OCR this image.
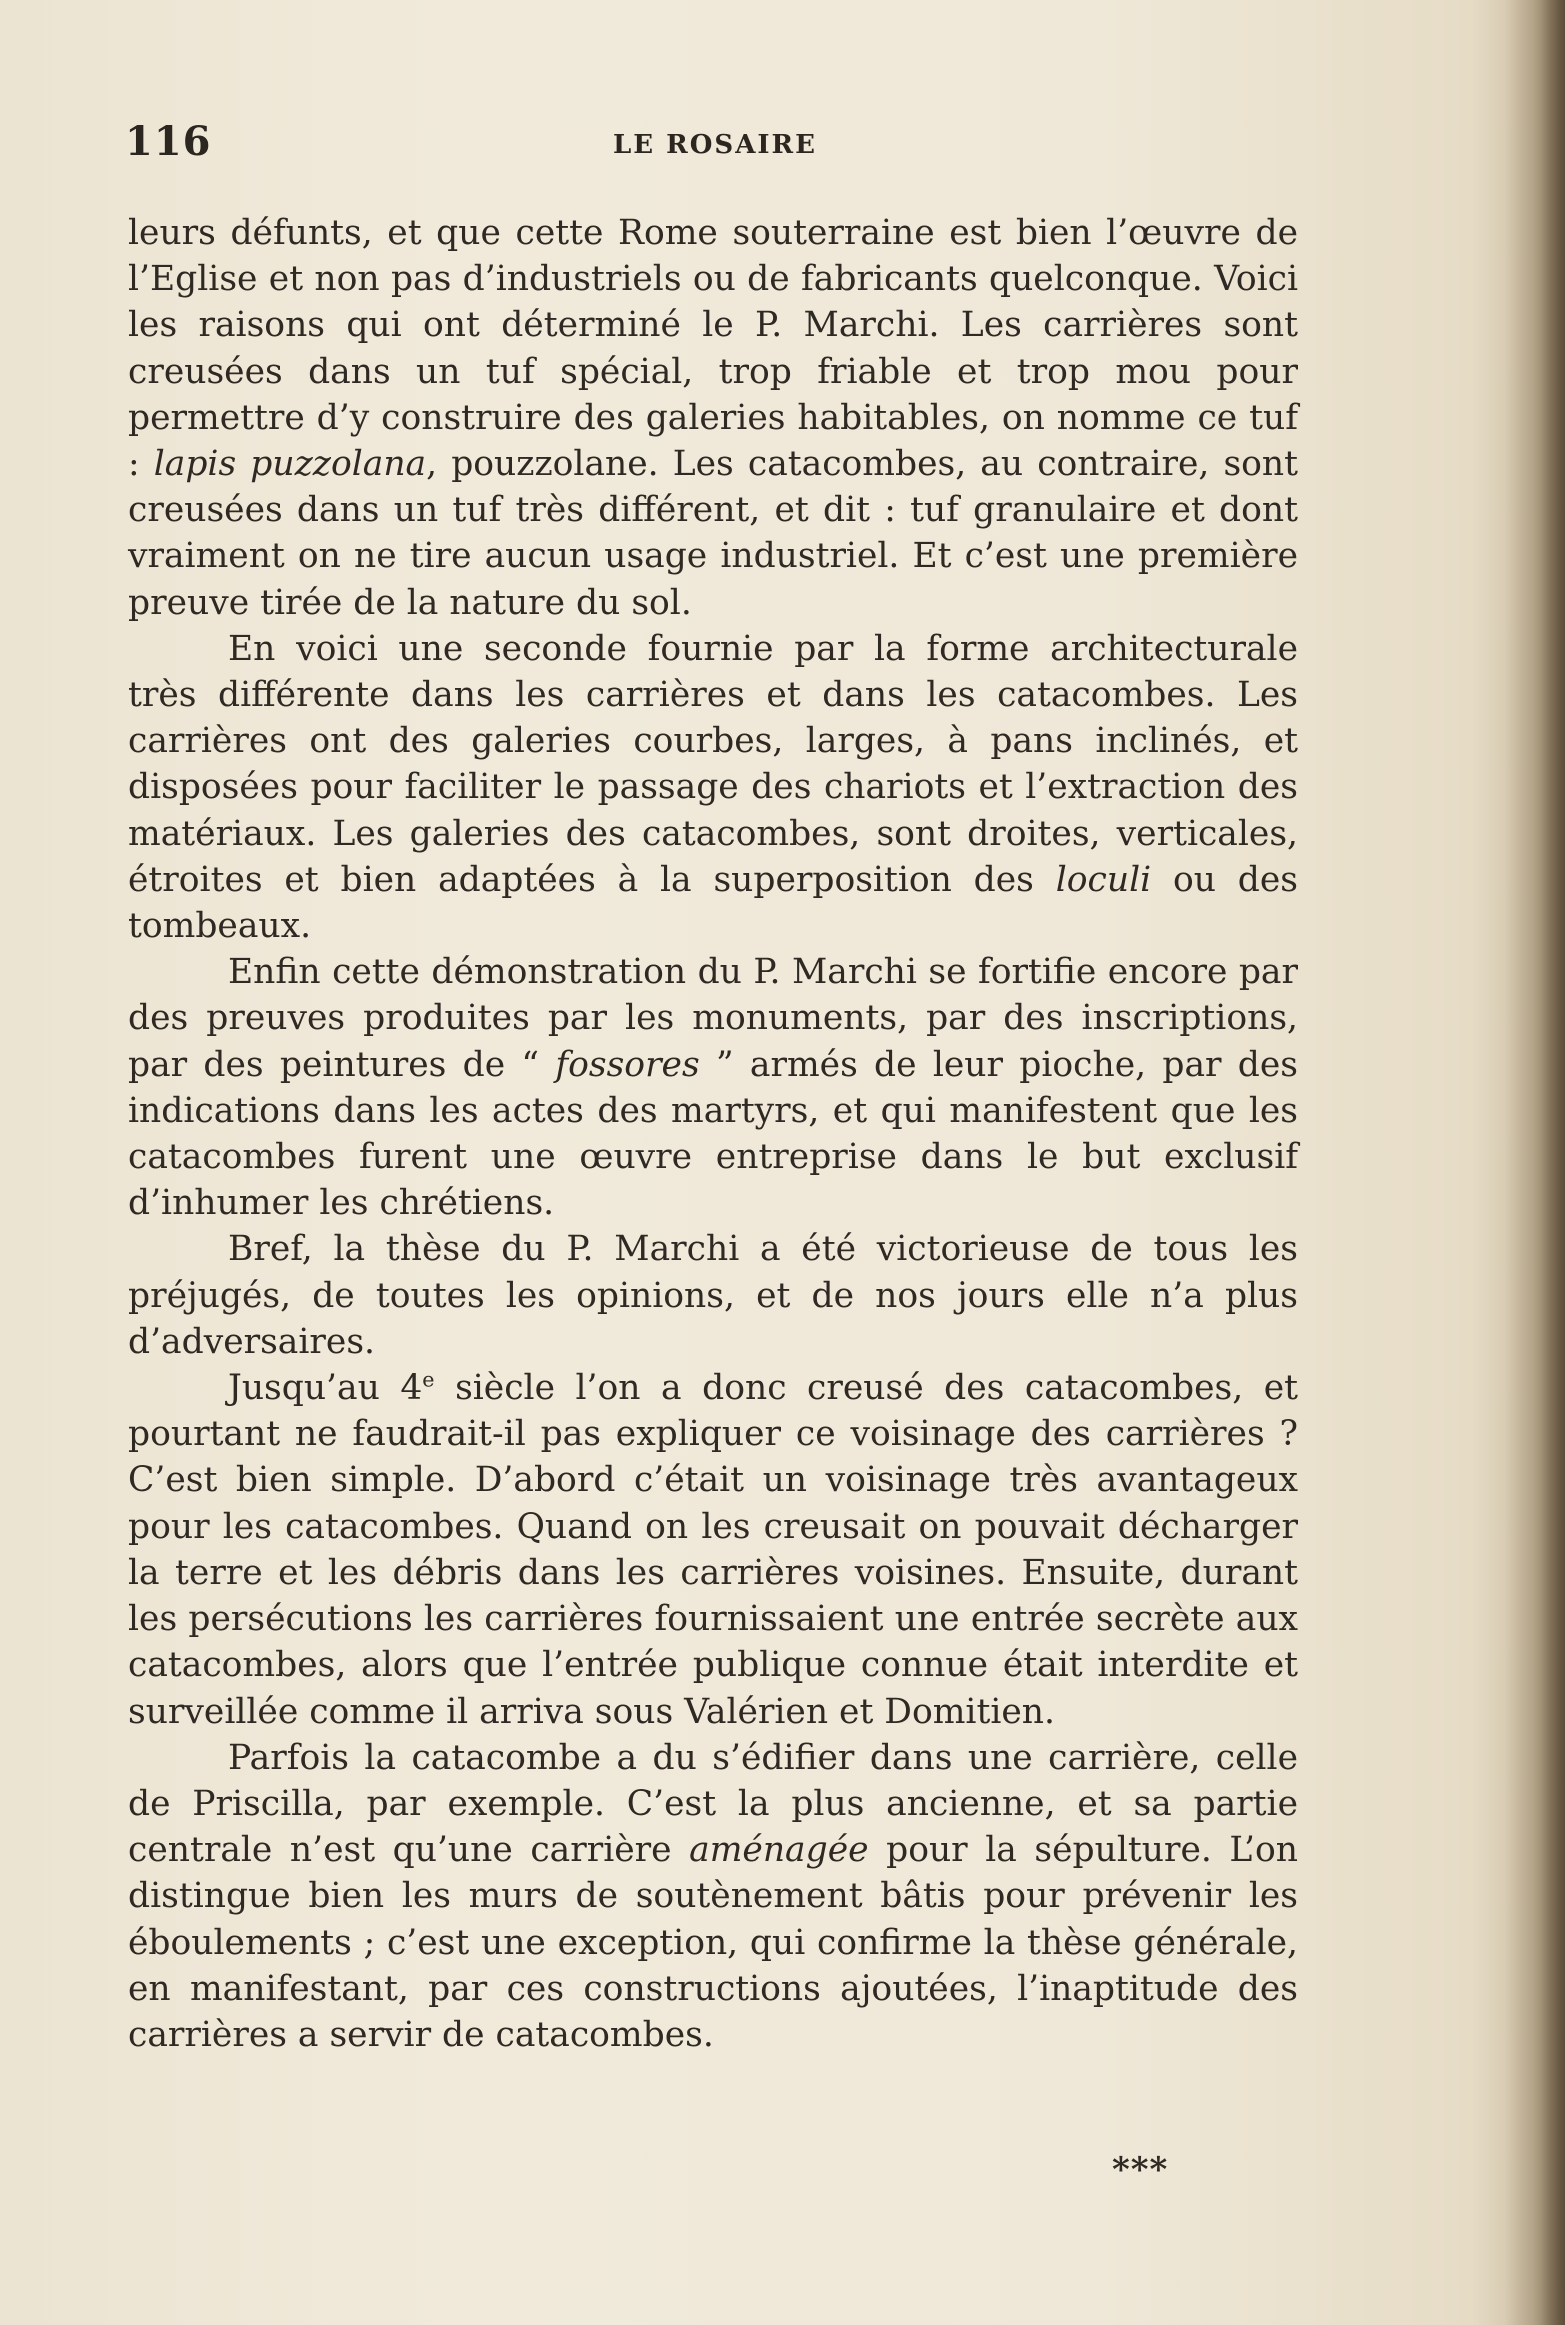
116	LE ROSAIRE

leurs défunts, et que cette Rome souterraine est bien l’œuvre de l’Eglise et non pas d’industriels ou de fabricants quelconque. Voici les raisons qui ont déterminé le P. Marchi. Les carrières sont creusées dans un tuf spécial, trop friable et trop mou pour permettre d’y construire des galeries habitables, on nomme ce tuf : lapis puzzolana, pouzzolane. Les catacombes, au contraire, sont creusées dans un tuf très différent, et dit : tuf granulaire et dont vraiment on ne tire aucun usage industriel. Et c’est une première preuve tirée de la nature du sol.

En voici une seconde fournie par la forme architecturale très différente dans les carrières et dans les catacombes. Les carrières ont des galeries courbes, larges, à pans inclinés, et disposées pour faciliter le passage des chariots et l’extraction des matériaux. Les galeries des catacombes, sont droites, verticales, étroites et bien adaptées à la superposition des loculi ou des tombeaux.

Enfin cette démonstration du P. Marchi se fortifie encore par des preuves produites par les monuments, par des inscriptions, par des peintures de “ fossores ” armés de leur pioche, par des indications dans les actes des martyrs, et qui manifestent que les catacombes furent une œuvre entreprise dans le but exclusif d’inhumer les chrétiens.

Bref, la thèse du P. Marchi a été victorieuse de tous les préjugés, de toutes les opinions, et de nos jours elle n’a plus d’adversaires.

Jusqu’au 4e siècle l’on a donc creusé des catacombes, et pourtant ne faudrait-il pas expliquer ce voisinage des carrières ? C’est bien simple. D’abord c’était un voisinage très avantageux pour les catacombes. Quand on les creusait on pouvait décharger la terre et les débris dans les carrières voisines. Ensuite, durant les persécutions les carrières fournissaient une entrée secrète aux catacombes, alors que l’entrée publique connue était interdite et surveillée comme il arriva sous Valérien et Domitien.

Parfois la catacombe a du s’édifier dans une carrière, celle de Priscilla, par exemple. C’est la plus ancienne, et sa partie centrale n’est qu’une carrière aménagée pour la sépulture. L’on distingue bien les murs de soutènement bâtis pour prévenir les éboulements ; c’est une exception, qui confirme la thèse générale, en manifestant, par ces constructions ajoutées, l’inaptitude des carrières a servir de catacombes.

***
